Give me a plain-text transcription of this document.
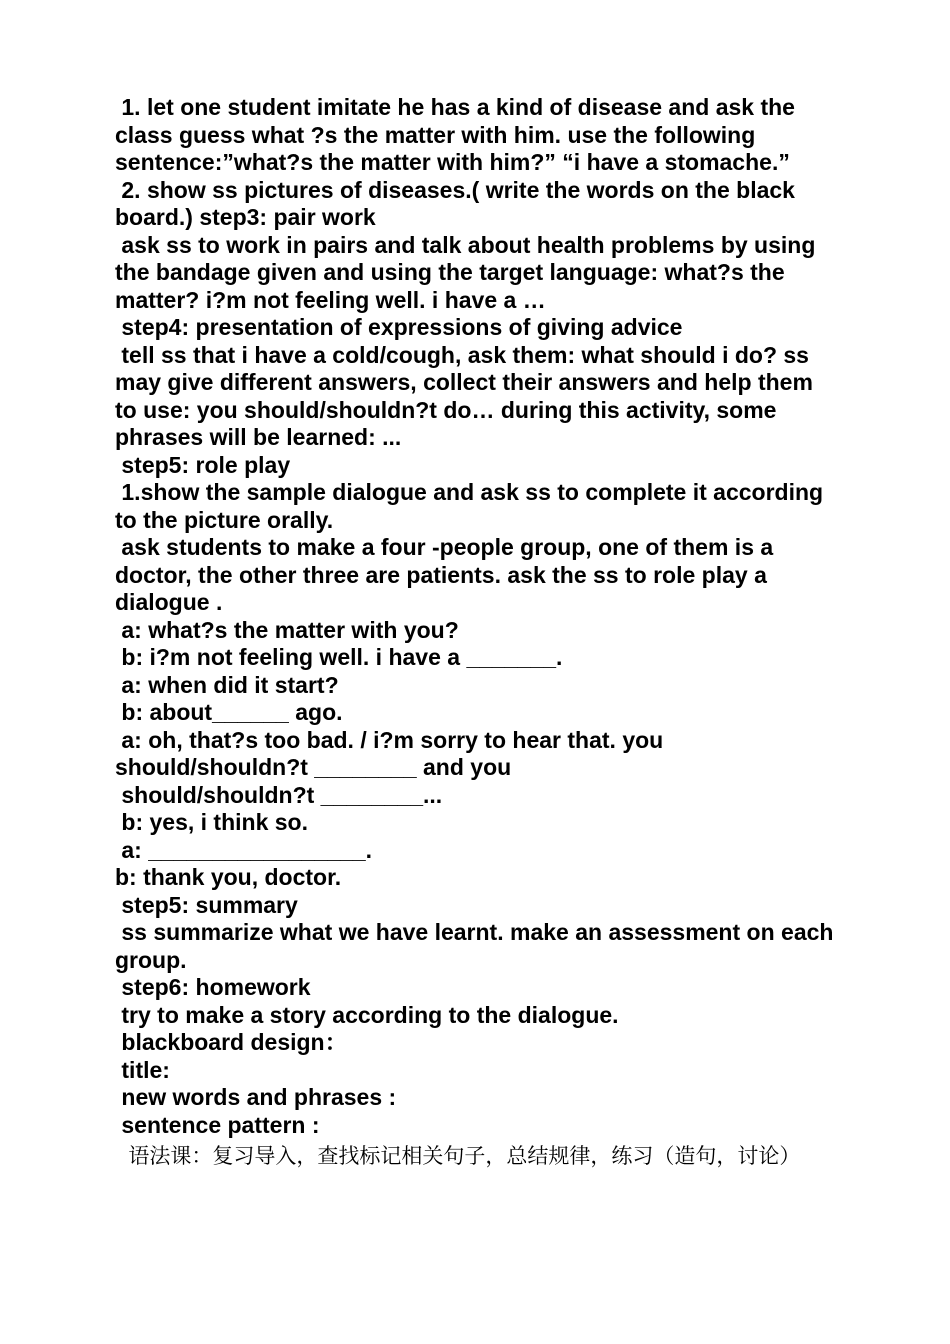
1. let one student imitate he has a kind of disease and ask the class guess what ?s the matter with him. use the following sentence:”what?s the matter with him?” “i have a stomache.”

2. show ss pictures of diseases.( write the words on the black board.) step3: pair work

ask ss to work in pairs and talk about health problems by using the bandage given and using the target language: what?s the matter? i?m not feeling well. i have a …

step4: presentation of expressions of giving advice

tell ss that i have a cold/cough, ask them: what should i do? ss may give different answers, collect their answers and help them to use: you should/shouldn?t do… during this activity, some phrases will be learned: ...

step5: role play

1.show the sample dialogue and ask ss to complete it according to the picture orally.

ask students to make a four -people group, one of them is a doctor, the other three are patients. ask the ss to role play a dialogue .

a: what?s the matter with you?

b: i?m not feeling well. i have a _______.

a: when did it start?

b: about______ ago.

a: oh, that?s too bad. / i?m sorry to hear that. you should/shouldn?t ________ and you

should/shouldn?t ________...

b: yes, i think so.

a: _________________.

b: thank you, doctor.

step5: summary

ss summarize what we have learnt. make an assessment on each group.

step6: homework

try to make a story according to the dialogue.

blackboard design：

title:

new words and phrases :

sentence pattern :

语法课：复习导入，查找标记相关句子，总结规律，练习（造句，讨论）
